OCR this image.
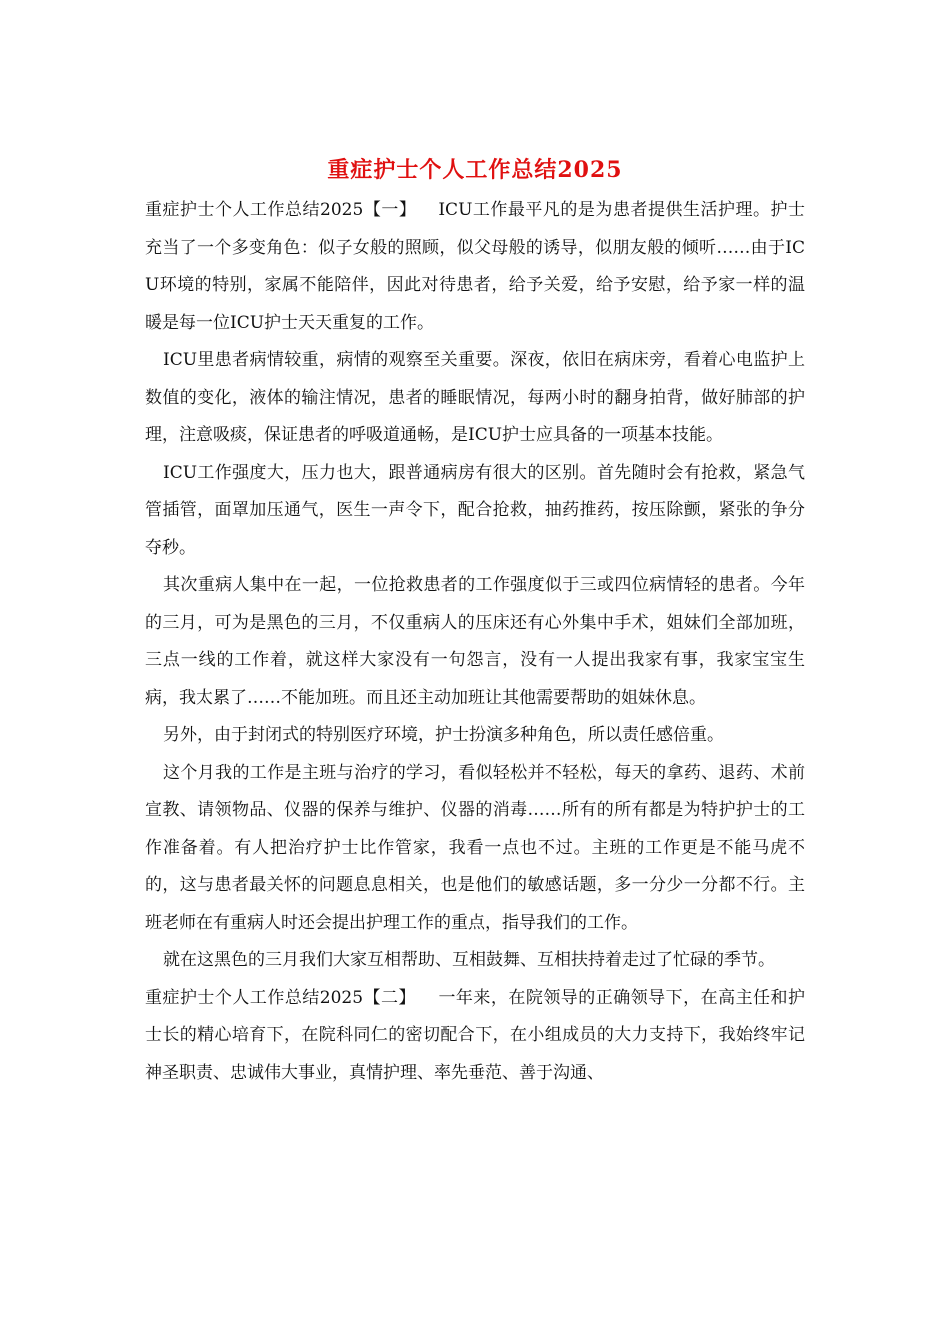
重症护士个人工作总结2025

重症护士个人工作总结2025【一】 ICU工作最平凡的是为患者提供生活护理。护士充当了一个多变角色：似子女般的照顾，似父母般的诱导，似朋友般的倾听……由于ICU环境的特别，家属不能陪伴，因此对待患者，给予关爱，给予安慰，给予家一样的温暖是每一位ICU护士天天重复的工作。

ICU里患者病情较重，病情的观察至关重要。深夜，依旧在病床旁，看着心电监护上数值的变化，液体的输注情况，患者的睡眠情况，每两小时的翻身拍背，做好肺部的护理，注意吸痰，保证患者的呼吸道通畅，是ICU护士应具备的一项基本技能。

ICU工作强度大，压力也大，跟普通病房有很大的区别。首先随时会有抢救，紧急气管插管，面罩加压通气，医生一声令下，配合抢救，抽药推药，按压除颤，紧张的争分夺秒。

其次重病人集中在一起，一位抢救患者的工作强度似于三或四位病情轻的患者。今年的三月，可为是黑色的三月，不仅重病人的压床还有心外集中手术，姐妹们全部加班，三点一线的工作着，就这样大家没有一句怨言，没有一人提出我家有事，我家宝宝生病，我太累了……不能加班。而且还主动加班让其他需要帮助的姐妹休息。

另外，由于封闭式的特别医疗环境，护士扮演多种角色，所以责任感倍重。

这个月我的工作是主班与治疗的学习，看似轻松并不轻松，每天的拿药、退药、术前宣教、请领物品、仪器的保养与维护、仪器的消毒……所有的所有都是为特护护士的工作准备着。有人把治疗护士比作管家，我看一点也不过。主班的工作更是不能马虎不的，这与患者最关怀的问题息息相关，也是他们的敏感话题，多一分少一分都不行。主班老师在有重病人时还会提出护理工作的重点，指导我们的工作。

就在这黑色的三月我们大家互相帮助、互相鼓舞、互相扶持着走过了忙碌的季节。

重症护士个人工作总结2025【二】 一年来，在院领导的正确领导下，在高主任和护士长的精心培育下，在院科同仁的密切配合下，在小组成员的大力支持下，我始终牢记神圣职责、忠诚伟大事业，真情护理、率先垂范、善于沟通、
